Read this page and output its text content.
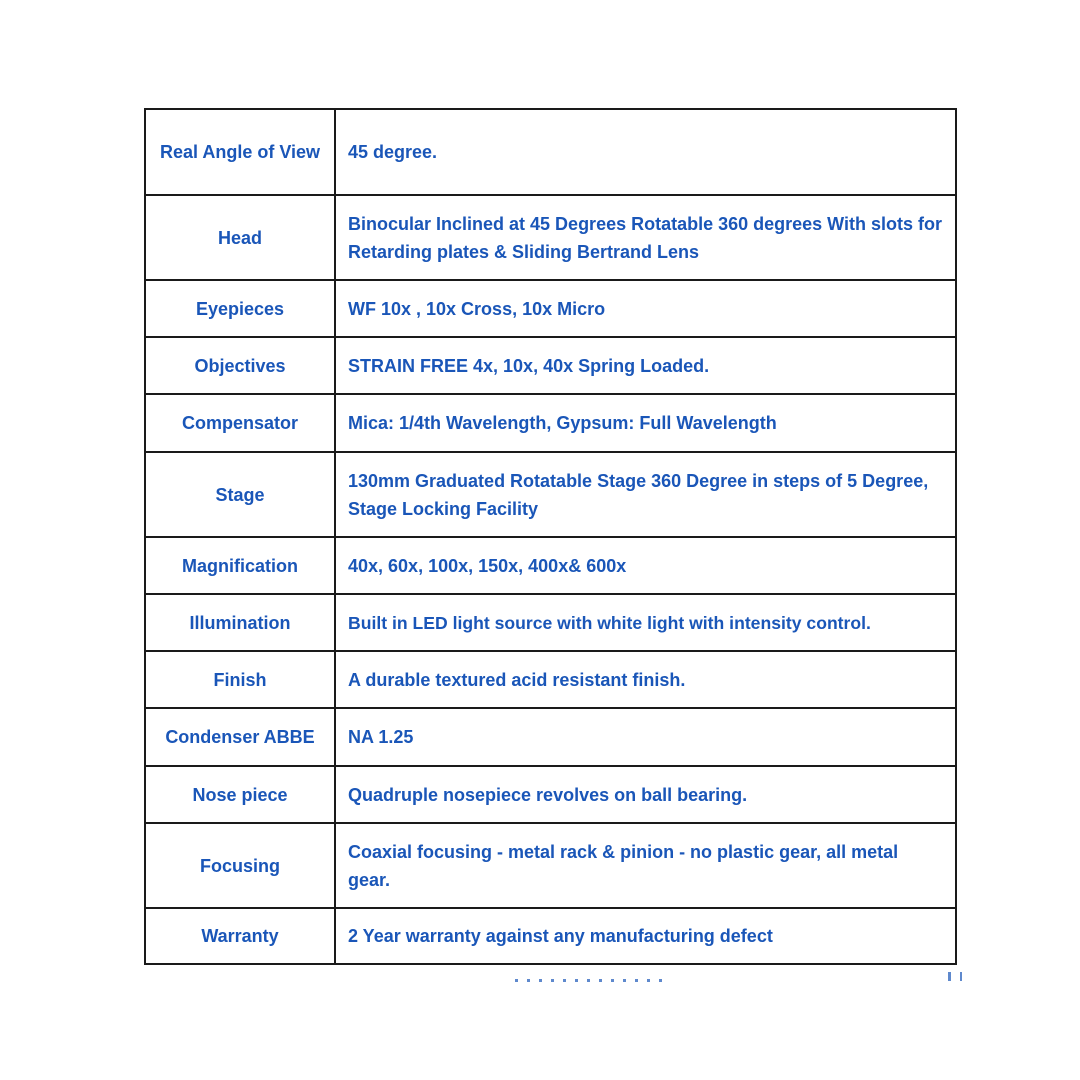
Real Angle of View	45 degree.
Head	Binocular Inclined at 45 Degrees Rotatable 360 degrees With slots for Retarding plates & Sliding Bertrand Lens
Eyepieces	WF 10x , 10x Cross, 10x Micro
Objectives	STRAIN FREE 4x, 10x, 40x Spring Loaded.
Compensator	Mica: 1/4th Wavelength, Gypsum: Full Wavelength
Stage	130mm Graduated Rotatable Stage 360 Degree in steps of 5 Degree, Stage Locking Facility
Magnification	40x, 60x, 100x, 150x, 400x& 600x
Illumination	Built in LED light source with white light with intensity control.
Finish	A durable textured acid resistant finish.
Condenser ABBE	NA 1.25
Nose piece	Quadruple nosepiece revolves on ball bearing.
Focusing	Coaxial focusing - metal rack & pinion - no plastic gear, all metal gear.
Warranty	2 Year warranty against any manufacturing defect
